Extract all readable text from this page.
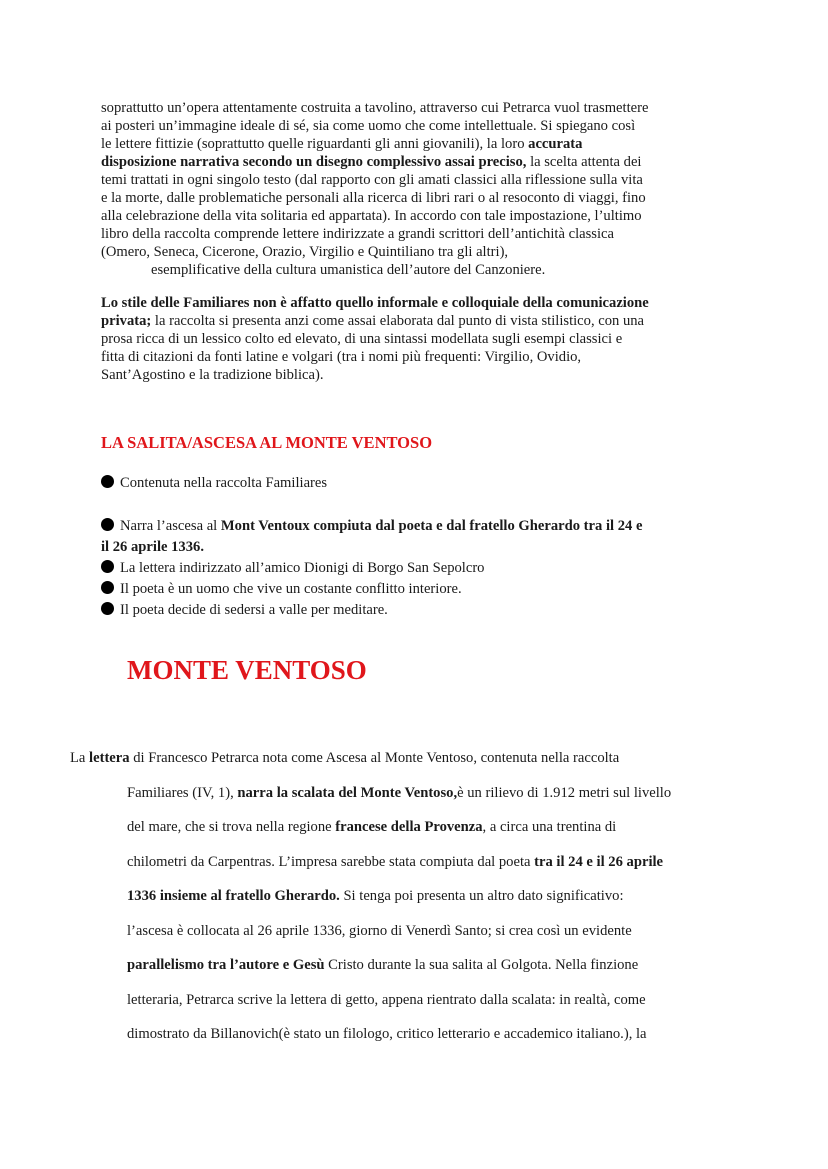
soprattutto un’opera attentamente costruita a tavolino, attraverso cui Petrarca vuol trasmettere
ai posteri un’immagine ideale di sé, sia come uomo che come intellettuale. Si spiegano così
le lettere fittizie (soprattutto quelle riguardanti gli anni giovanili), la loro accurata
disposizione narrativa secondo un disegno complessivo assai preciso, la scelta attenta dei
temi trattati in ogni singolo testo (dal rapporto con gli amati classici alla riflessione sulla vita
e la morte, dalle problematiche personali alla ricerca di libri rari o al resoconto di viaggi, fino
alla celebrazione della vita solitaria ed appartata). In accordo con tale impostazione, l’ultimo
libro della raccolta comprende lettere indirizzate a grandi scrittori dell’antichità classica
(Omero, Seneca, Cicerone, Orazio, Virgilio e Quintiliano tra gli altri),
esemplificative della cultura umanistica dell’autore del Canzoniere.
Lo stile delle Familiares non è affatto quello informale e colloquiale della comunicazione
privata; la raccolta si presenta anzi come assai elaborata dal punto di vista stilistico, con una
prosa ricca di un lessico colto ed elevato, di una sintassi modellata sugli esempi classici e
fitta di citazioni da fonti latine e volgari (tra i nomi più frequenti: Virgilio, Ovidio,
Sant’Agostino e la tradizione biblica).
LA SALITA/ASCESA AL MONTE VENTOSO
Contenuta nella raccolta Familiares
Narra l’ascesa al Mont Ventoux compiuta dal poeta e dal fratello Gherardo tra il 24 e
il 26 aprile 1336.
La lettera indirizzato all’amico Dionigi di Borgo San Sepolcro
Il poeta è un uomo che vive un costante conflitto interiore.
Il poeta decide di sedersi a valle per meditare.
MONTE VENTOSO
La lettera di Francesco Petrarca nota come Ascesa al Monte Ventoso, contenuta nella raccolta
Familiares (IV, 1), narra la scalata del Monte Ventoso,è un rilievo di 1.912 metri sul livello
del mare, che si trova nella regione francese della Provenza, a circa una trentina di
chilometri da Carpentras. L’impresa sarebbe stata compiuta dal poeta tra il 24 e il 26 aprile
1336 insieme al fratello Gherardo. Si tenga poi presenta un altro dato significativo:
l’ascesa è collocata al 26 aprile 1336, giorno di Venerdì Santo; si crea così un evidente
parallelismo tra l’autore e Gesù Cristo durante la sua salita al Golgota. Nella finzione
letteraria, Petrarca scrive la lettera di getto, appena rientrato dalla scalata: in realtà, come
dimostrato da Billanovich(è stato un filologo, critico letterario e accademico italiano.), la
